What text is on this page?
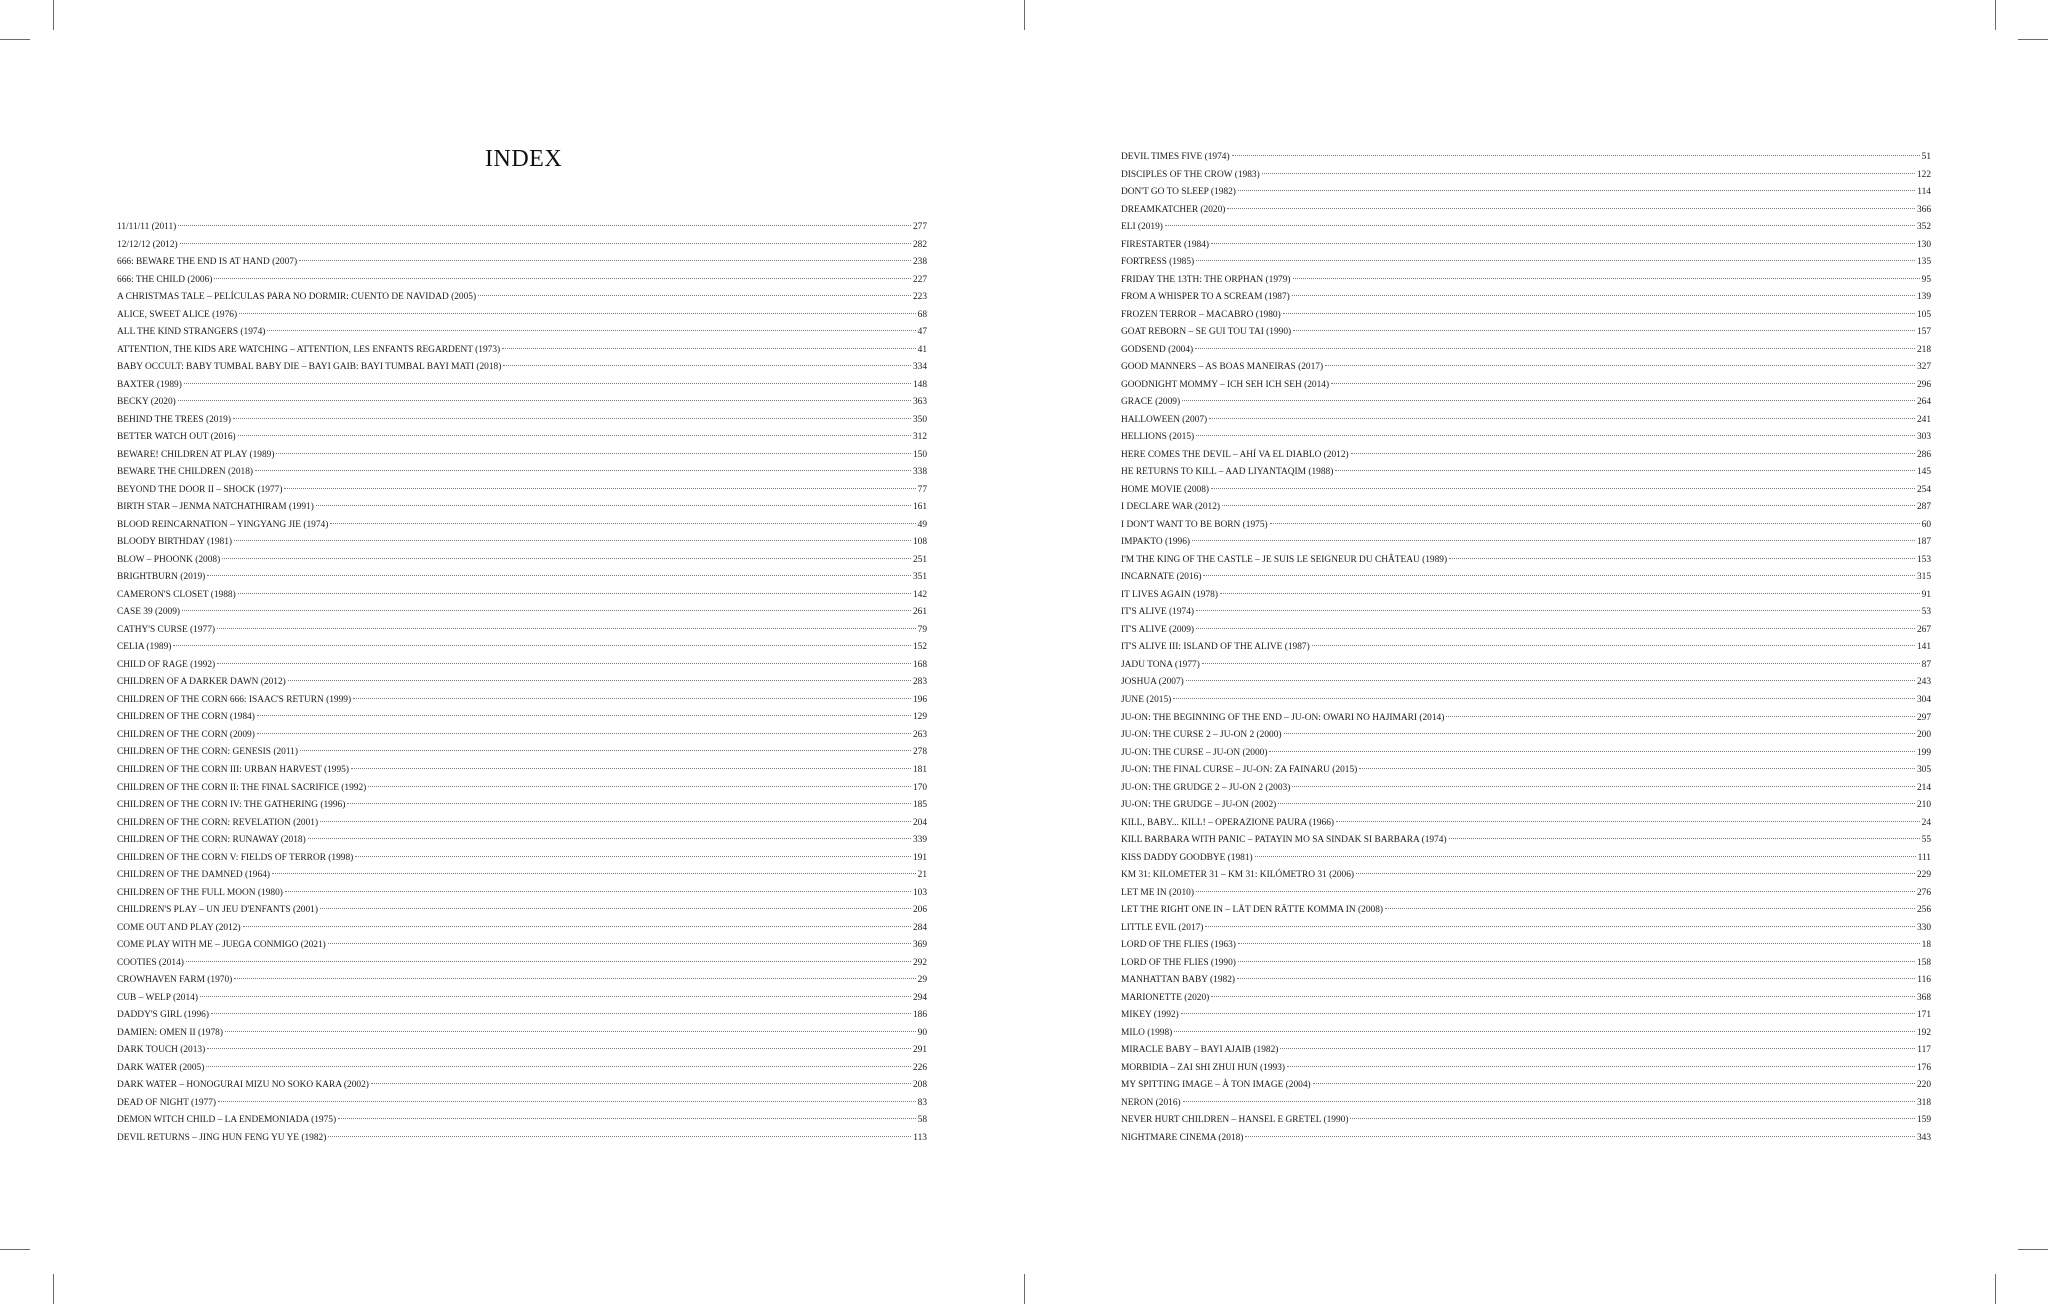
INDEX
11/11/11 (2011)	277
12/12/12 (2012)	282
666: BEWARE THE END IS AT HAND (2007)	238
666: THE CHILD (2006)	227
A CHRISTMAS TALE – PELÍCULAS PARA NO DORMIR: CUENTO DE NAVIDAD (2005)	223
ALICE, SWEET ALICE (1976)	68
ALL THE KIND STRANGERS (1974)	47
ATTENTION, THE KIDS ARE WATCHING – ATTENTION, LES ENFANTS REGARDENT (1973)	41
BABY OCCULT: BABY TUMBAL BABY DIE – BAYI GAIB: BAYI TUMBAL BAYI MATI (2018)	334
BAXTER (1989)	148
BECKY (2020)	363
BEHIND THE TREES (2019)	350
BETTER WATCH OUT (2016)	312
BEWARE! CHILDREN AT PLAY (1989)	150
BEWARE THE CHILDREN (2018)	338
BEYOND THE DOOR II – SHOCK (1977)	77
BIRTH STAR – JENMA NATCHATHIRAM (1991)	161
BLOOD REINCARNATION – YINGYANG JIE (1974)	49
BLOODY BIRTHDAY (1981)	108
BLOW – PHOONK (2008)	251
BRIGHTBURN (2019)	351
CAMERON'S CLOSET (1988)	142
CASE 39 (2009)	261
CATHY'S CURSE (1977)	79
CELIA (1989)	152
CHILD OF RAGE (1992)	168
CHILDREN OF A DARKER DAWN (2012)	283
CHILDREN OF THE CORN 666: ISAAC'S RETURN (1999)	196
CHILDREN OF THE CORN (1984)	129
CHILDREN OF THE CORN (2009)	263
CHILDREN OF THE CORN: GENESIS (2011)	278
CHILDREN OF THE CORN III: URBAN HARVEST (1995)	181
CHILDREN OF THE CORN II: THE FINAL SACRIFICE (1992)	170
CHILDREN OF THE CORN IV: THE GATHERING (1996)	185
CHILDREN OF THE CORN: REVELATION (2001)	204
CHILDREN OF THE CORN: RUNAWAY (2018)	339
CHILDREN OF THE CORN V: FIELDS OF TERROR (1998)	191
CHILDREN OF THE DAMNED (1964)	21
CHILDREN OF THE FULL MOON (1980)	103
CHILDREN'S PLAY – UN JEU D'ENFANTS (2001)	206
COME OUT AND PLAY (2012)	284
COME PLAY WITH ME – JUEGA CONMIGO (2021)	369
COOTIES (2014)	292
CROWHAVEN FARM (1970)	29
CUB – WELP (2014)	294
DADDY'S GIRL (1996)	186
DAMIEN: OMEN II (1978)	90
DARK TOUCH (2013)	291
DARK WATER (2005)	226
DARK WATER – HONOGURAI MIZU NO SOKO KARA (2002)	208
DEAD OF NIGHT (1977)	83
DEMON WITCH CHILD – LA ENDEMONIADA (1975)	58
DEVIL RETURNS – JING HUN FENG YU YE (1982)	113
DEVIL TIMES FIVE (1974)	51
DISCIPLES OF THE CROW (1983)	122
DON'T GO TO SLEEP (1982)	114
DREAMKATCHER (2020)	366
ELI (2019)	352
FIRESTARTER (1984)	130
FORTRESS (1985)	135
FRIDAY THE 13TH: THE ORPHAN (1979)	95
FROM A WHISPER TO A SCREAM (1987)	139
FROZEN TERROR – MACABRO (1980)	105
GOAT REBORN – SE GUI TOU TAI (1990)	157
GODSEND (2004)	218
GOOD MANNERS – AS BOAS MANEIRAS (2017)	327
GOODNIGHT MOMMY – ICH SEH ICH SEH (2014)	296
GRACE (2009)	264
HALLOWEEN (2007)	241
HELLIONS (2015)	303
HERE COMES THE DEVIL – AHÍ VA EL DIABLO (2012)	286
HE RETURNS TO KILL – AAD LIYANTAQIM (1988)	145
HOME MOVIE (2008)	254
I DECLARE WAR (2012)	287
I DON'T WANT TO BE BORN (1975)	60
IMPAKTO (1996)	187
I'M THE KING OF THE CASTLE – JE SUIS LE SEIGNEUR DU CHÂTEAU (1989)	153
INCARNATE (2016)	315
IT LIVES AGAIN (1978)	91
IT'S ALIVE (1974)	53
IT'S ALIVE (2009)	267
IT'S ALIVE III: ISLAND OF THE ALIVE (1987)	141
JADU TONA (1977)	87
JOSHUA (2007)	243
JUNE (2015)	304
JU-ON: THE BEGINNING OF THE END – JU-ON: OWARI NO HAJIMARI (2014)	297
JU-ON: THE CURSE 2 – JU-ON 2 (2000)	200
JU-ON: THE CURSE – JU-ON (2000)	199
JU-ON: THE FINAL CURSE – JU-ON: ZA FAINARU (2015)	305
JU-ON: THE GRUDGE 2 – JU-ON 2 (2003)	214
JU-ON: THE GRUDGE – JU-ON (2002)	210
KILL, BABY... KILL! – OPERAZIONE PAURA (1966)	24
KILL BARBARA WITH PANIC – PATAYIN MO SA SINDAK SI BARBARA (1974)	55
KISS DADDY GOODBYE (1981)	111
KM 31: KILOMETER 31 – KM 31: KILÓMETRO 31 (2006)	229
LET ME IN (2010)	276
LET THE RIGHT ONE IN – LÅT DEN RÄTTE KOMMA IN (2008)	256
LITTLE EVIL (2017)	330
LORD OF THE FLIES (1963)	18
LORD OF THE FLIES (1990)	158
MANHATTAN BABY (1982)	116
MARIONETTE (2020)	368
MIKEY (1992)	171
MILO (1998)	192
MIRACLE BABY – BAYI AJAIB (1982)	117
MORBIDIA – ZAI SHI ZHUI HUN (1993)	176
MY SPITTING IMAGE – À TON IMAGE (2004)	220
NERON (2016)	318
NEVER HURT CHILDREN – HANSEL E GRETEL (1990)	159
NIGHTMARE CINEMA (2018)	343
